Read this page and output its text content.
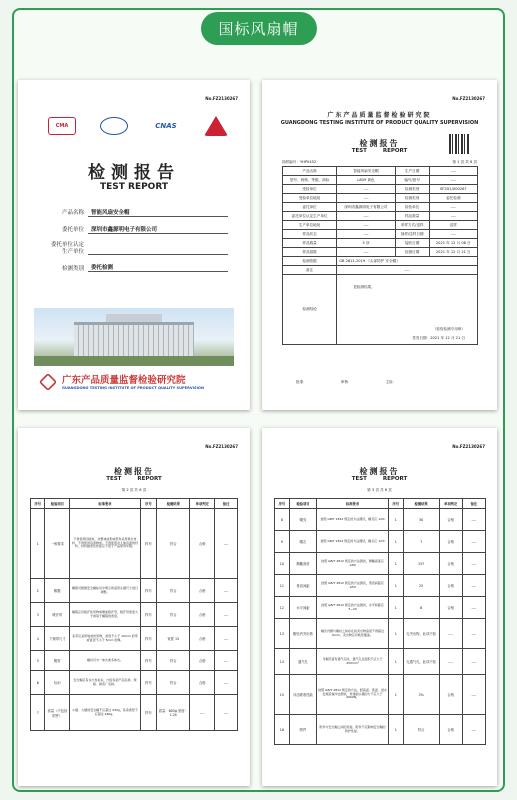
国标风扇帽
No.FZ2130267
CMA	CNAS
检测报告
TEST REPORT
产品名称	智能风扇安全帽
委托单位	深圳市鑫源明电子有限公司
委托单位认定生产单位
检测类别	委托检测
广东产品质量监督检验研究院
GUANGDONG TESTING INSTITUTE OF PRODUCT QUALITY SUPERVISION
No.FZ2130267
广东产品质量监督检验研究院
GUANGDONG TESTING INSTITUTE OF PRODUCT QUALITY SUPERVISION
检测报告
TEST REPORT
抽样编号：YHP0452	第 1 页 共 6 页
产品名称	智能风扇安全帽	生产日期	----
型号、规格、等级、商标	L809 黄色	编号/批号	----
受检单位	----	检测类别	SF2D1/X00267
受检单位地址	----	检测类别	委托检测
委托单位	深圳市鑫源明电子有限公司	检验单位	----
委托单位认定生产单位	----	样品数量	----
生产单位地址	----	采样方式/送样	送样
样品状态	----	抽样/送样日期	----
样品数量	5 顶	接收日期	2021 年 12 月 08 日
样品基数	----	检测日期	2021 年 12 月 21 日
检测依据	GB 2811-2019 《头部防护 安全帽》		
备注	----		
检测结论	见检测结果。
（检验检测专用章）
签发日期：2021 年 12 月 21 日		
批准：	审核：	主检：
No.FZ2130267
检测报告
TEST REPORT
第 2 页 共 6 页
序号	检验项目	标准要求	序号	检测结果	单项判定	备注
1	一般要求	不得使用回收料，非整体成形或部件采用再生材料，不得使用有害物质。不得使用对人体有害的材料，材料耐老化性能应不低于产品使用年限。	样号	符合	合格	----
2	帽箍	帽箍可根据安全帽标识中明示的适用头围尺寸进行调整。	样号	符合	合格	----
3	吸汗带	帽箍应有吸汗性织物或增加吸汗带，吸汗带宽度大于或等于帽箍的宽度。	样号	符合	合格	----
4	下颏带尺寸	系带应采用软质纺织物，宽度不小于 10mm 的带或直径不小于 5mm 的绳。	样号	宽度 15	合格	----
5	帽衬	帽衬可为一体式或多体式。	样号	符合	合格	----
6	标识	安全帽应有永久性标识，内容包括产品名称、规格、制造厂名称。	样号	符合	合格	----
7	质量（不包括附件）	小檐、大檐的安全帽不应超过 430g，其余类型不应超过 460g。	样号	质量：605g 宽度：1.2k	----	----
No.FZ2130267
检测报告
TEST REPORT
第 3 页 共 6 页
序号	检验项目	标准要求	序号	检测结果	单项判定	备注
8	帽壳	按照 GB/T 2812 规定的方法测试，帽壳应 ≤30	1	30	合格	----
9	帽舌	按照 GB/T 2812 规定的方法测试，帽舌应 ≤70	1	7	合格	----
10	佩戴高度	按照 GB/T 2812 规定的方法测试，佩戴高度应 ≥80	1	157	合格	----
11	垂直间距	按照 GB/T 2812 规定的方法测试，垂直间距应 ≤50	1	25	合格	----
12	水平间距	按照 GB/T 2812 规定的方法测试，水平间距应 5~20	1	6	合格	----
13	帽壳内突出物	帽壳内侧与帽衬之间存在的突出物高度不得超过 6mm，突出物应有软垫覆盖。	1	无突出物，此项不检	----	----
14	通气孔	当帽壳留有通气孔时，通气孔总面积不应大于 450mm²	1	无通气孔，此项不检	----	----
15	冲击吸收性能	按照 GB/T 2812 规定的方法，经高温、低温、浸水处理后做冲击测试，传递到头模的力不应大于 4900N。	1	3%	合格	----
16	附件	附件与安全帽之间的连接，附件不应影响安全帽的防护性能。	1	符合	合格	----
